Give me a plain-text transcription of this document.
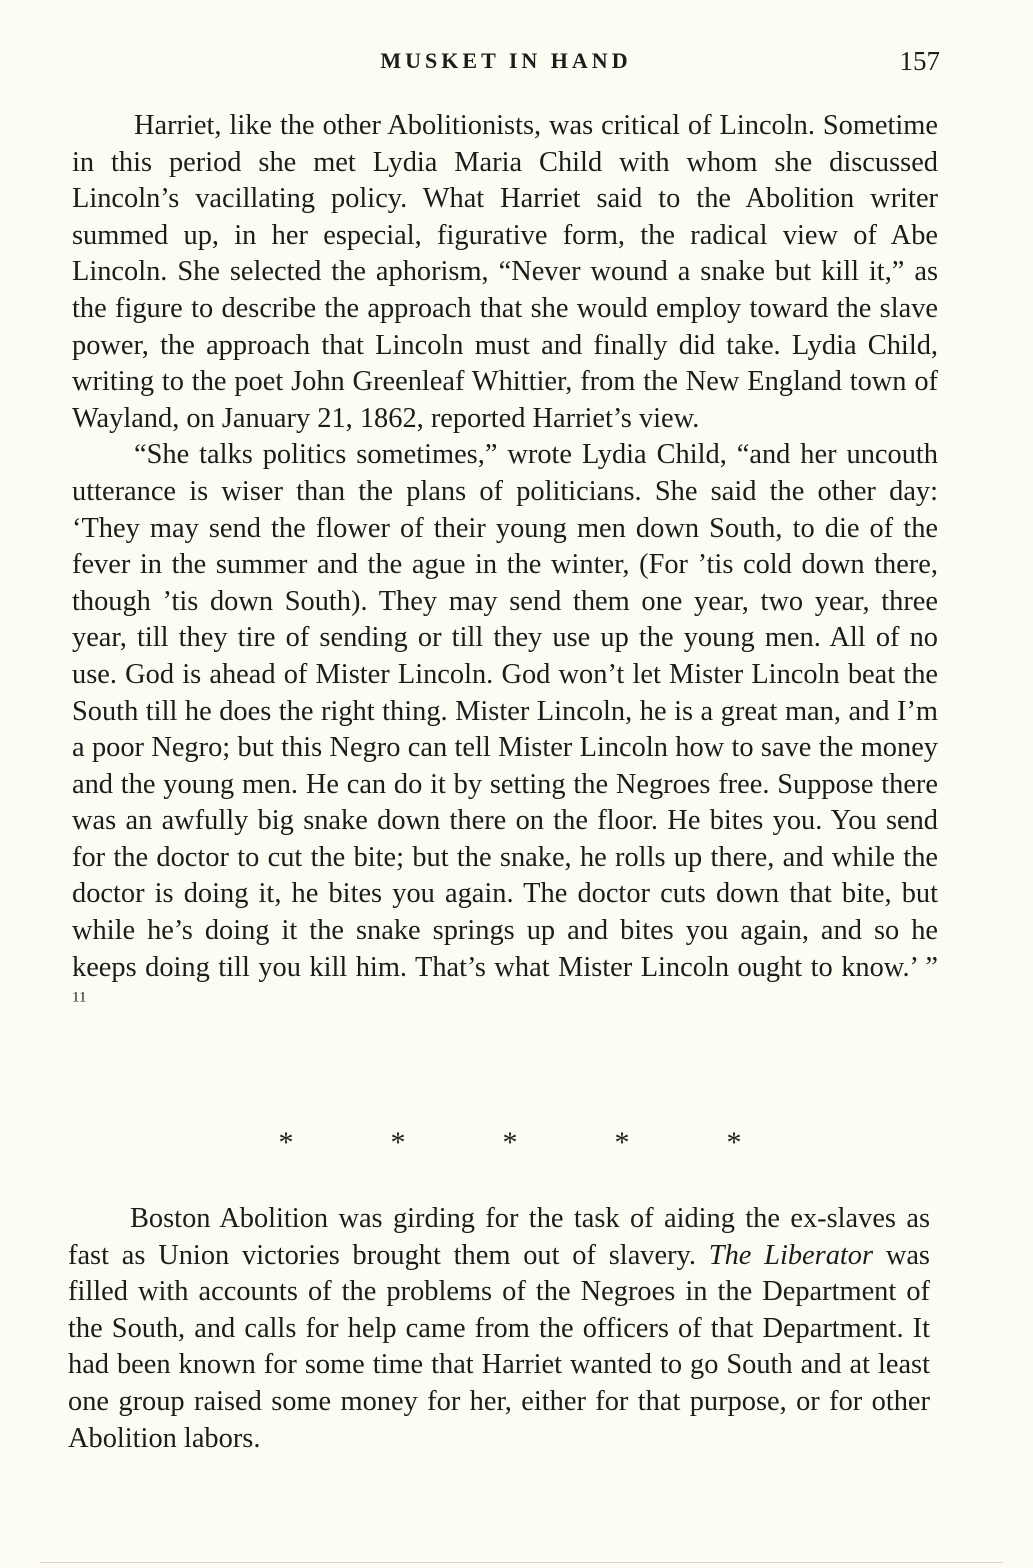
MUSKET IN HAND	157

Harriet, like the other Abolitionists, was critical of Lincoln. Sometime in this period she met Lydia Maria Child with whom she discussed Lincoln’s vacillating policy. What Harriet said to the Abolition writer summed up, in her especial, figurative form, the radical view of Abe Lincoln. She selected the aphorism, “Never wound a snake but kill it,” as the figure to describe the approach that she would employ toward the slave power, the approach that Lincoln must and finally did take. Lydia Child, writing to the poet John Greenleaf Whittier, from the New England town of Wayland, on January 21, 1862, reported Harriet’s view.

“She talks politics sometimes,” wrote Lydia Child, “and her uncouth utterance is wiser than the plans of politicians. She said the other day: ‘They may send the flower of their young men down South, to die of the fever in the summer and the ague in the winter, (For ’tis cold down there, though ’tis down South). They may send them one year, two year, three year, till they tire of sending or till they use up the young men. All of no use. God is ahead of Mister Lincoln. God won’t let Mister Lincoln beat the South till he does the right thing. Mister Lincoln, he is a great man, and I’m a poor Negro; but this Negro can tell Mister Lincoln how to save the money and the young men. He can do it by setting the Negroes free. Suppose there was an awfully big snake down there on the floor. He bites you. You send for the doctor to cut the bite; but the snake, he rolls up there, and while the doctor is doing it, he bites you again. The doctor cuts down that bite, but while he’s doing it the snake springs up and bites you again, and so he keeps doing till you kill him. That’s what Mister Lincoln ought to know.’ ” $^{11}$

*	*	*	*	*

Boston Abolition was girding for the task of aiding the ex-slaves as fast as Union victories brought them out of slavery. The Liberator was filled with accounts of the problems of the Negroes in the Department of the South, and calls for help came from the officers of that Department. It had been known for some time that Harriet wanted to go South and at least one group raised some money for her, either for that purpose, or for other Abolition labors.
